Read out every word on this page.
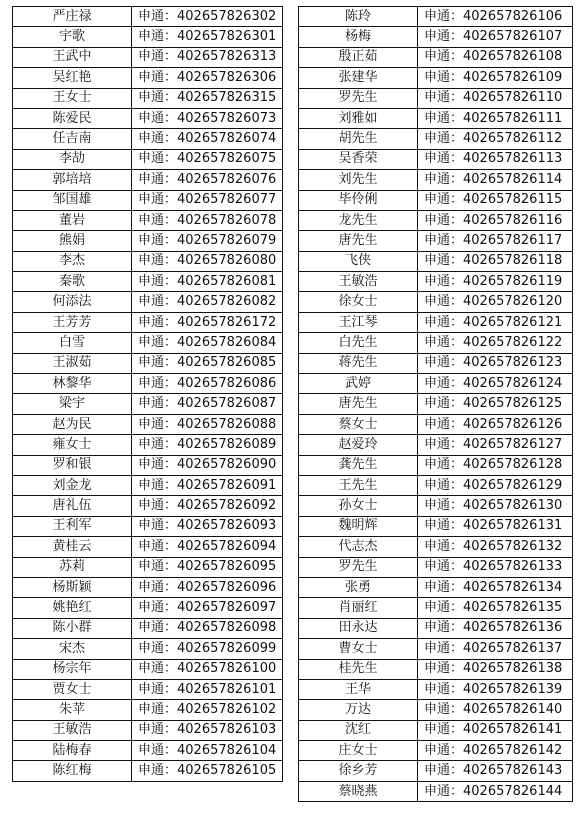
严庄禄	申通：402657826302
宇歌	申通：402657826301
王武中	申通：402657826313
吴红艳	申通：402657826306
王女士	申通：402657826315
陈爱民	申通：402657826073
任吉南	申通：402657826074
李劼	申通：402657826075
郭培培	申通：402657826076
邹国雄	申通：402657826077
董岩	申通：402657826078
熊娟	申通：402657826079
李杰	申通：402657826080
秦歌	申通：402657826081
何添法	申通：402657826082
王芳芳	申通：402657826172
白雪	申通：402657826084
王淑茹	申通：402657826085
林黎华	申通：402657826086
梁宇	申通：402657826087
赵为民	申通：402657826088
雍女士	申通：402657826089
罗和银	申通：402657826090
刘金龙	申通：402657826091
唐礼伍	申通：402657826092
王利军	申通：402657826093
黄桂云	申通：402657826094
苏莉	申通：402657826095
杨斯颖	申通：402657826096
姚艳红	申通：402657826097
陈小群	申通：402657826098
宋杰	申通：402657826099
杨宗年	申通：402657826100
贾女士	申通：402657826101
朱苹	申通：402657826102
王敏浩	申通：402657826103
陆梅春	申通：402657826104
陈红梅	申通：402657826105
陈玲	申通：402657826106
杨梅	申通：402657826107
殷正茹	申通：402657826108
张建华	申通：402657826109
罗先生	申通：402657826110
刘雅如	申通：402657826111
胡先生	申通：402657826112
吴香荣	申通：402657826113
刘先生	申通：402657826114
毕伶俐	申通：402657826115
龙先生	申通：402657826116
唐先生	申通：402657826117
飞侠	申通：402657826118
王敏浩	申通：402657826119
徐女士	申通：402657826120
王江琴	申通：402657826121
白先生	申通：402657826122
蒋先生	申通：402657826123
武婷	申通：402657826124
唐先生	申通：402657826125
蔡女士	申通：402657826126
赵爱玲	申通：402657826127
龚先生	申通：402657826128
王先生	申通：402657826129
孙女士	申通：402657826130
魏明辉	申通：402657826131
代志杰	申通：402657826132
罗先生	申通：402657826133
张勇	申通：402657826134
肖丽红	申通：402657826135
田永达	申通：402657826136
曹女士	申通：402657826137
桂先生	申通：402657826138
王华	申通：402657826139
万达	申通：402657826140
沈红	申通：402657826141
庄女士	申通：402657826142
徐乡芳	申通：402657826143
蔡晓燕	申通：402657826144
